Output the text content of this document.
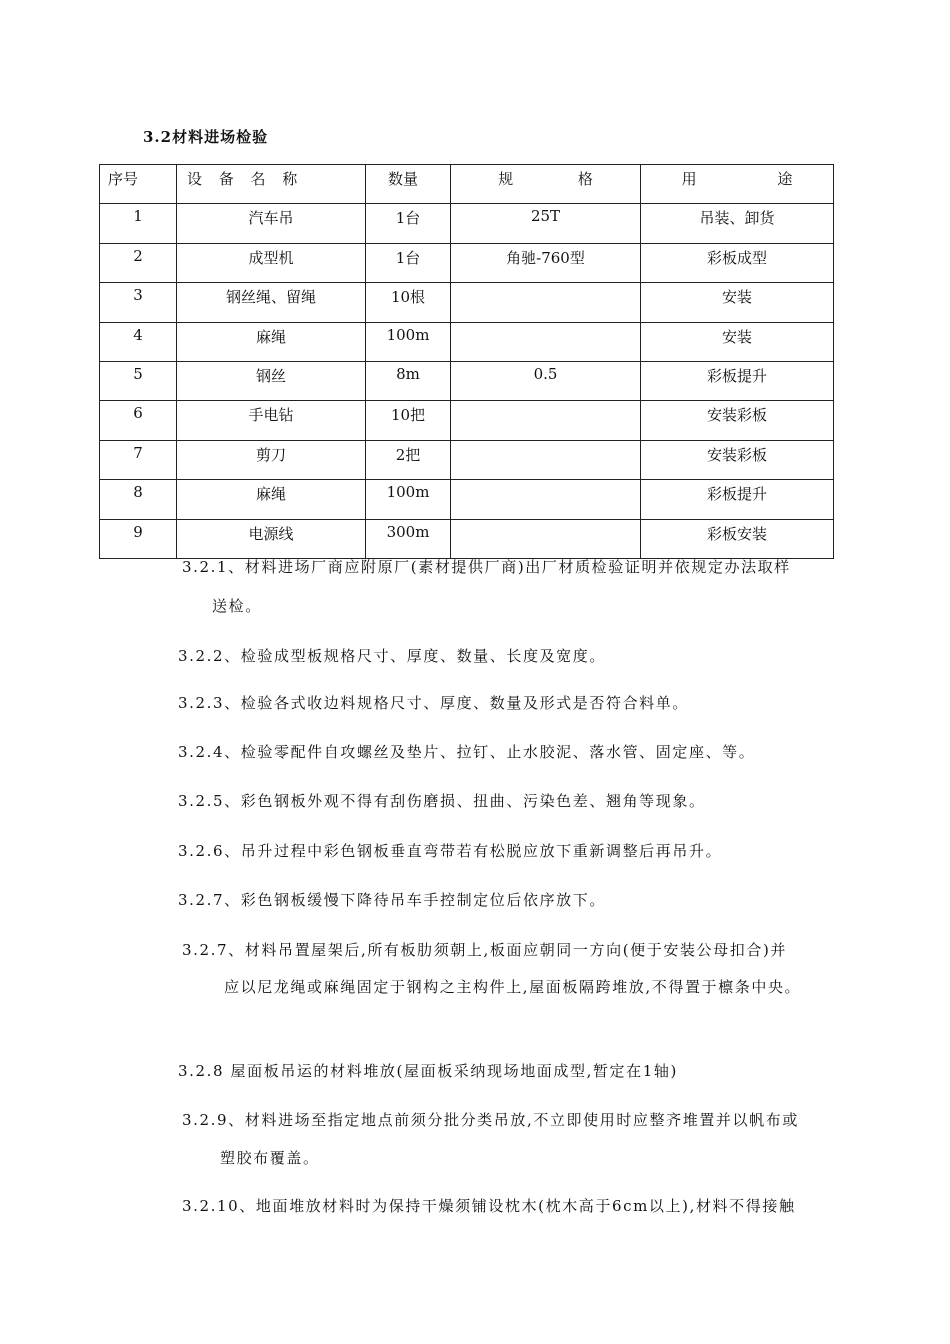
3.2材料进场检验
序号	设 备 名 称	数量	规 格	用 途
1	汽车吊	1台	25T	吊装、卸货
2	成型机	1台	角驰-760型	彩板成型
3	钢丝绳、留绳	10根		安装
4	麻绳	100m		安装
5	钢丝	8m	0.5	彩板提升
6	手电钻	10把		安装彩板
7	剪刀	2把		安装彩板
8	麻绳	100m		彩板提升
9	电源线	300m		彩板安装
3.2.1、材料进场厂商应附原厂(素材提供厂商)出厂材质检验证明并依规定办法取样
送检。
3.2.2、检验成型板规格尺寸、厚度、数量、长度及宽度。
3.2.3、检验各式收边料规格尺寸、厚度、数量及形式是否符合料单。
3.2.4、检验零配件自攻螺丝及垫片、拉钉、止水胶泥、落水管、固定座、等。
3.2.5、彩色钢板外观不得有刮伤磨损、扭曲、污染色差、翘角等现象。
3.2.6、吊升过程中彩色钢板垂直弯带若有松脱应放下重新调整后再吊升。
3.2.7、彩色钢板缓慢下降待吊车手控制定位后依序放下。
3.2.7、材料吊置屋架后,所有板肋须朝上,板面应朝同一方向(便于安装公母扣合)并
应以尼龙绳或麻绳固定于钢构之主构件上,屋面板隔跨堆放,不得置于檩条中央。
3.2.8 屋面板吊运的材料堆放(屋面板采纳现场地面成型,暂定在1轴)
3.2.9、材料进场至指定地点前须分批分类吊放,不立即使用时应整齐堆置并以帆布或
塑胶布覆盖。
3.2.10、地面堆放材料时为保持干燥须铺设枕木(枕木高于6cm以上),材料不得接触
